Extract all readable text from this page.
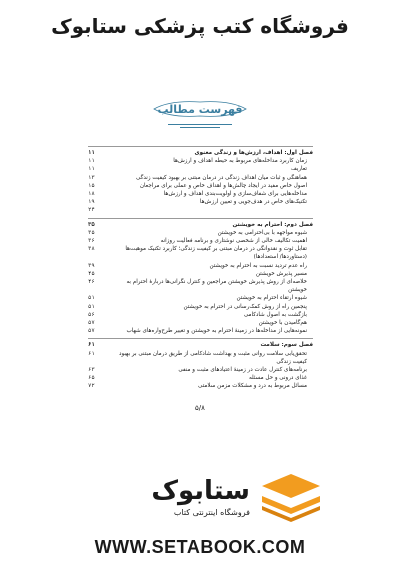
فروشگاه کتب پزشکی ستابوک
فهرست مطالب
فصل اول: اهداف، ارزش‌ها و زندگی معنوی
۱۱
زمان کاربرد مداخله‌های مربوط به حیطه اهداف و ارزش‌ها
۱۱
تعاریف
۱۱
هماهنگی و ثبات میان اهداف زندگی در درمان مبتنی بر بهبود کیفیت زندگی
۱۳
اصول خاص مفید در ایجاد چالش‌ها و اهداف خاص و عملی برای مراجعان
۱۵
مداخله‌هایی برای شفاف‌سازی و اولویت‌بندی اهداف و ارزش‌ها
۱۸
تکنیک‌های خاص در هدف‌جویی و تعیین ارزش‌ها
۱۹
۲۴
فصل دوم: احترام به خویشتن
۳۵
شیوه مواجهه با بی‌احترامی به خویشتن
۳۵
اهمیت تکالیف خالی از شخصی نوشتاری و برنامه فعالیت روزانه
۳۶
تقابل ثوت و نقدوانگی در درمان مبتنی بر کیفیت زندگی؛ کاربرد تکنیک موهبت‌ها (دستاوردها/ استعدادها)
۳۸
راه عدم تردید نسبت به احترام به خویشتن
۳۹
مسیر پذیرش خویشتن
۴۵
خلاصه‌ای از روش پذیرش خویشتن مراجعین و کنترل نگرانی‌ها دربارهٔ احترام به خویشتن
۴۶
شیوه ارتقاء احترام به خویشتن
۵۱
پنجمین راه از روش کمک‌رسانی در احترام به خویشتن
۵۱
بازگشت به اصول شادکامی
۵۶
هم‌گامیدن با خویشتن
۵۷
نمونه‌هایی از مداخله‌ها در زمینهٔ احترام به خویشتن و تغییر طرح‌واره‌های شهاب
۵۷
فصل سوم: سلامت
۶۱
تحقق‌یابی سلامت روانی مثبت و بهداشت شادکامی از طریق درمان مبتنی بر بهبود کیفیت زندگی
۶۱
برنامه‌های کنترل عادت در زمینهٔ اعتیادهای مثبت و منفی
۶۳
غذای درونی و حل مسئله
۶۵
مسائل مربوط به درد و مشکلات مزمن سلامتی
۷۲
۵/۸
ستابوک
فروشگاه اینترنتی کتاب
WWW.SETABOOK.COM
